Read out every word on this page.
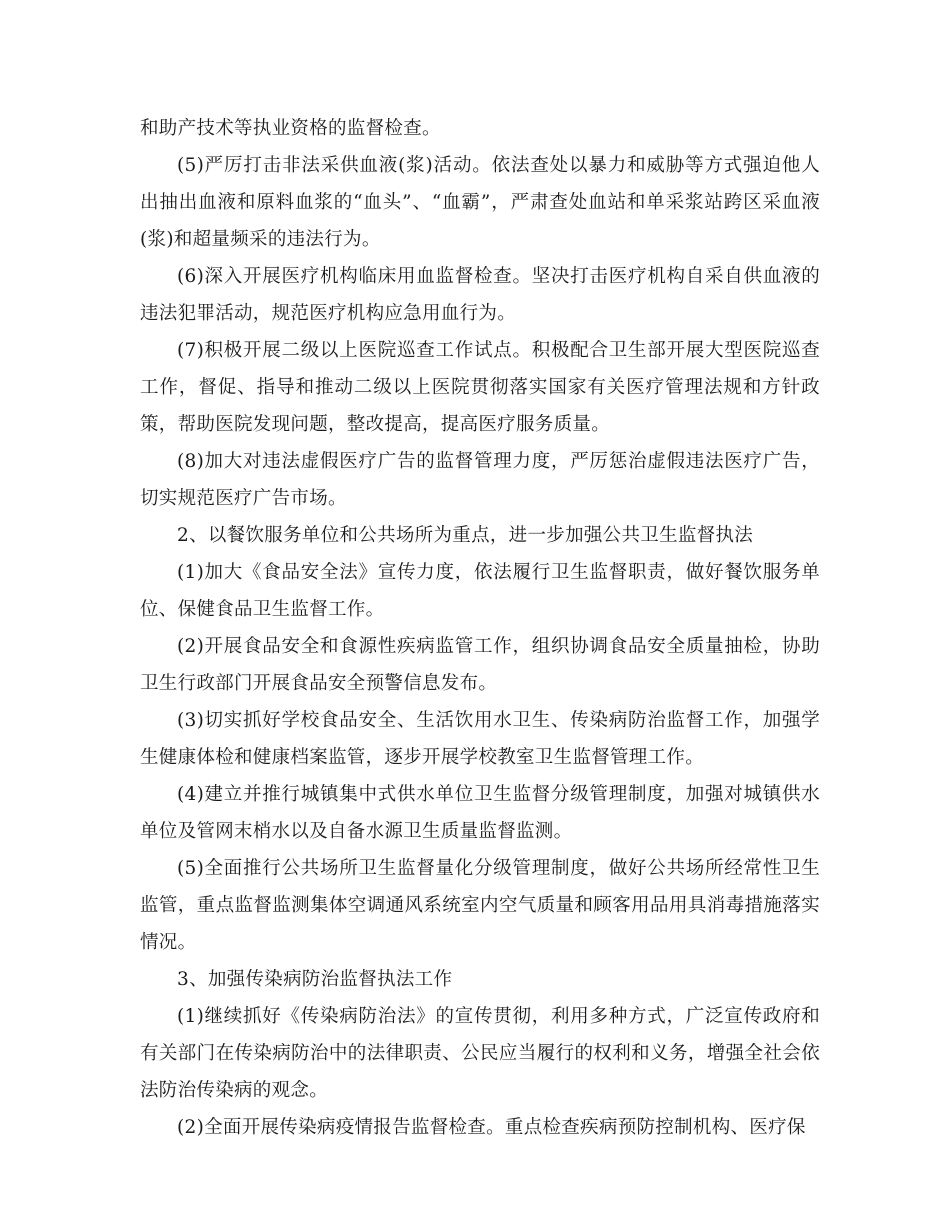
和助产技术等执业资格的监督检查。

(5)严厉打击非法采供血液(浆)活动。依法查处以暴力和威胁等方式强迫他人出抽出血液和原料血浆的“血头”、“血霸”，严肃查处血站和单采浆站跨区采血液(浆)和超量频采的违法行为。

(6)深入开展医疗机构临床用血监督检查。坚决打击医疗机构自采自供血液的违法犯罪活动，规范医疗机构应急用血行为。

(7)积极开展二级以上医院巡查工作试点。积极配合卫生部开展大型医院巡查工作，督促、指导和推动二级以上医院贯彻落实国家有关医疗管理法规和方针政策，帮助医院发现问题，整改提高，提高医疗服务质量。

(8)加大对违法虚假医疗广告的监督管理力度，严厉惩治虚假违法医疗广告，切实规范医疗广告市场。

2、以餐饮服务单位和公共场所为重点，进一步加强公共卫生监督执法

(1)加大《食品安全法》宣传力度，依法履行卫生监督职责，做好餐饮服务单位、保健食品卫生监督工作。

(2)开展食品安全和食源性疾病监管工作，组织协调食品安全质量抽检，协助卫生行政部门开展食品安全预警信息发布。

(3)切实抓好学校食品安全、生活饮用水卫生、传染病防治监督工作，加强学生健康体检和健康档案监管，逐步开展学校教室卫生监督管理工作。

(4)建立并推行城镇集中式供水单位卫生监督分级管理制度，加强对城镇供水单位及管网末梢水以及自备水源卫生质量监督监测。

(5)全面推行公共场所卫生监督量化分级管理制度，做好公共场所经常性卫生监管，重点监督监测集体空调通风系统室内空气质量和顾客用品用具消毒措施落实情况。

3、加强传染病防治监督执法工作

(1)继续抓好《传染病防治法》的宣传贯彻，利用多种方式，广泛宣传政府和有关部门在传染病防治中的法律职责、公民应当履行的权利和义务，增强全社会依法防治传染病的观念。

(2)全面开展传染病疫情报告监督检查。重点检查疾病预防控制机构、医疗保
